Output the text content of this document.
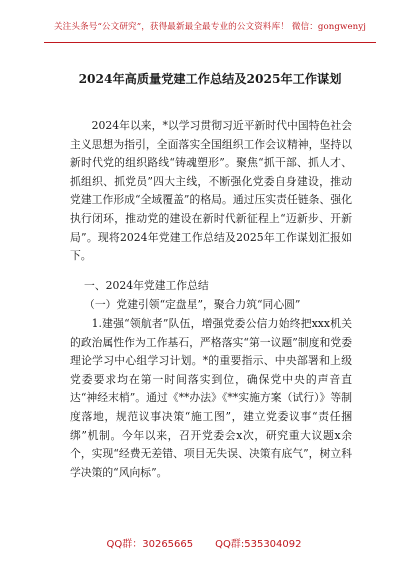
关注头条号“公文研究”，获得最新最全最专业的公文资料库！ 微信：gongwenyj
2024年高质量党建工作总结及2025年工作谋划

2024年以来，*以学习贯彻习近平新时代中国特色社会主义思想为指引，全面落实全国组织工作会议精神，坚持以新时代党的组织路线“铸魂塑形”。聚焦“抓干部、抓人才、抓组织、抓党员”四大主线，不断强化党委自身建设，推动党建工作形成“全域覆盖”的格局。通过压实责任链条、强化执行闭环，推动党的建设在新时代新征程上“迈新步、开新局”。现将2024年党建工作总结及2025年工作谋划汇报如下。

一、2024年党建工作总结

（一）党建引领“定盘星”，聚合力筑“同心圆”

1.建强“领航者”队伍，增强党委公信力始终把xxx机关的政治属性作为工作基石，严格落实“第一议题”制度和党委理论学习中心组学习计划。*的重要指示、中央部署和上级党委要求均在第一时间落实到位，确保党中央的声音直达“神经末梢”。通过《**办法》《**实施方案（试行）》等制度落地，规范议事决策“施工图”，建立党委议事“责任捆绑”机制。今年以来，召开党委会x次，研究重大议题x余个，实现“经费无差错、项目无失误、决策有底气”，树立科学决策的“风向标”。

QQ群：30265665 QQ群:535304092
